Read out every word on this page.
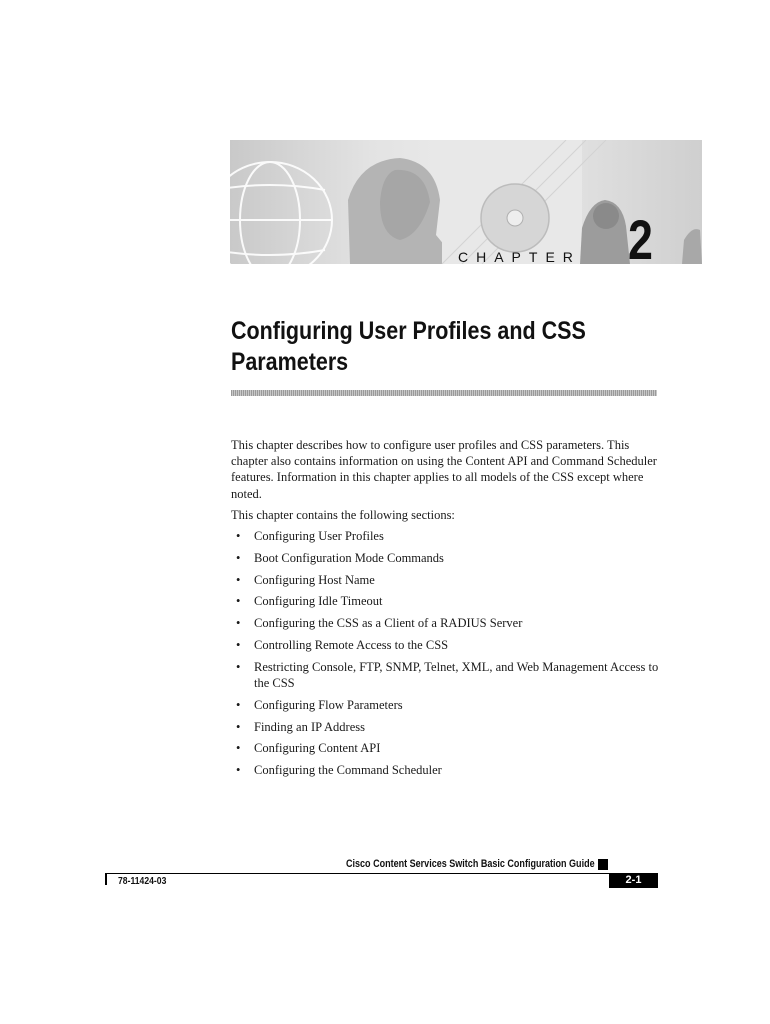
CHAPTER 2
Configuring User Profiles and CSS Parameters

This chapter describes how to configure user profiles and CSS parameters. This chapter also contains information on using the Content API and Command Scheduler features. Information in this chapter applies to all models of the CSS except where noted.

This chapter contains the following sections:

• Configuring User Profiles
• Boot Configuration Mode Commands
• Configuring Host Name
• Configuring Idle Timeout
• Configuring the CSS as a Client of a RADIUS Server
• Controlling Remote Access to the CSS
• Restricting Console, FTP, SNMP, Telnet, XML, and Web Management Access to the CSS
• Configuring Flow Parameters
• Finding an IP Address
• Configuring Content API
• Configuring the Command Scheduler
Cisco Content Services Switch Basic Configuration Guide
78-11424-03	2-1
